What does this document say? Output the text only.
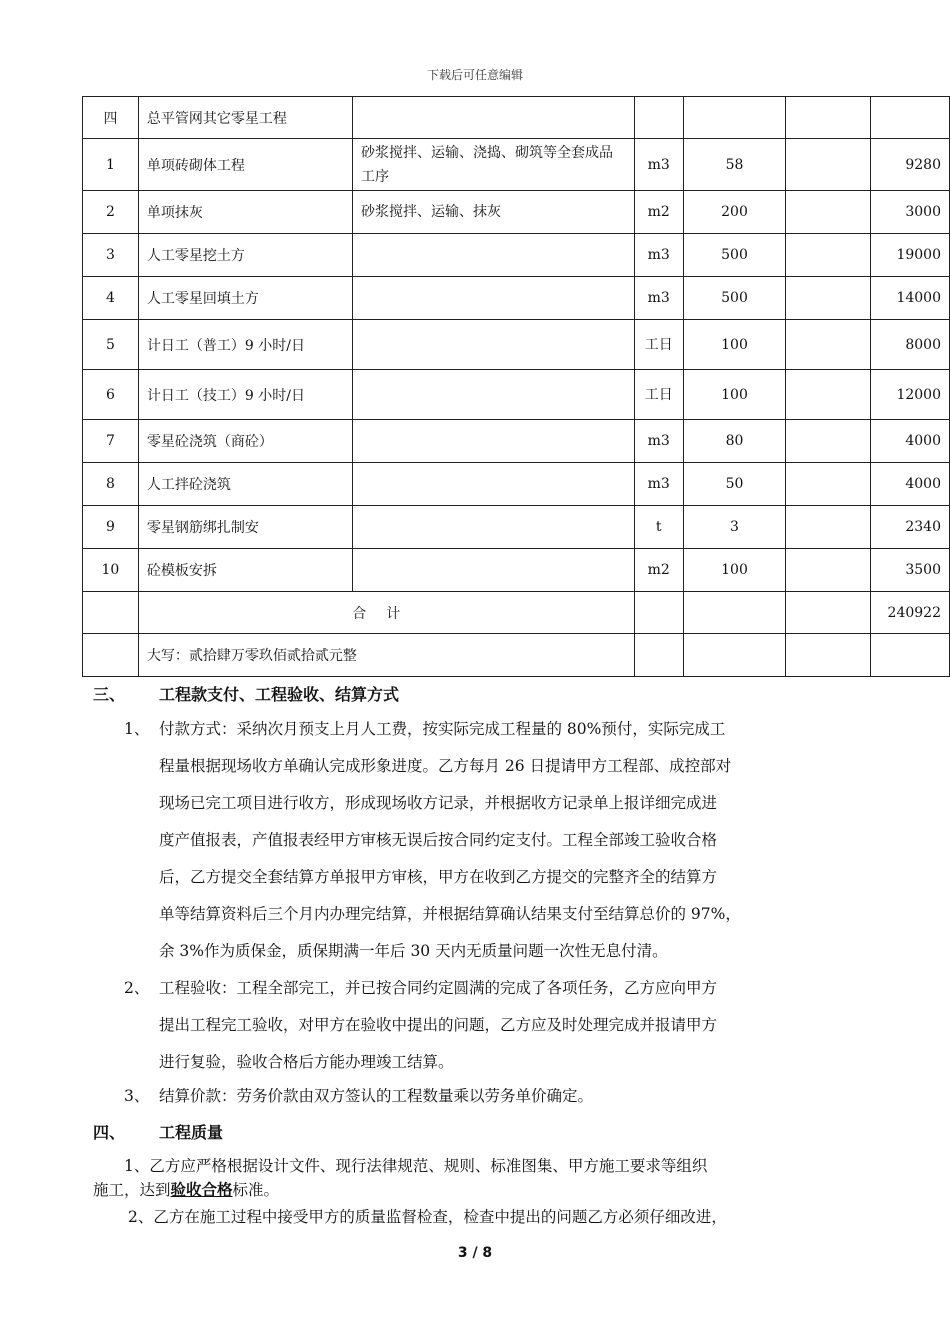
下载后可任意编辑
四	总平管网其它零星工程					
1	单项砖砌体工程	砂浆搅拌、运输、浇捣、砌筑等全套成品工序	m3	58		9280
2	单项抹灰	砂浆搅拌、运输、抹灰	m2	200		3000
3	人工零星挖土方		m3	500		19000
4	人工零星回填土方		m3	500		14000
5	计日工（普工）9 小时/日		工日	100		8000
6	计日工（技工）9 小时/日		工日	100		12000
7	零星砼浇筑（商砼）		m3	80		4000
8	人工拌砼浇筑		m3	50		4000
9	零星钢筋绑扎制安		t	3		2340
10	砼模板安拆		m2	100		3500
	合计					240922
	大写：贰拾肆万零玖佰贰拾贰元整					
三、 工程款支付、工程验收、结算方式
1、 付款方式：采纳次月预支上月人工费，按实际完成工程量的 80%预付，实际完成工
程量根据现场收方单确认完成形象进度。乙方每月 26 日提请甲方工程部、成控部对
现场已完工项目进行收方，形成现场收方记录，并根据收方记录单上报详细完成进
度产值报表，产值报表经甲方审核无误后按合同约定支付。工程全部竣工验收合格
后，乙方提交全套结算方单报甲方审核，甲方在收到乙方提交的完整齐全的结算方
单等结算资料后三个月内办理完结算，并根据结算确认结果支付至结算总价的 97%，
余 3%作为质保金，质保期满一年后 30 天内无质量问题一次性无息付清。
2、 工程验收：工程全部完工，并已按合同约定圆满的完成了各项任务，乙方应向甲方
提出工程完工验收，对甲方在验收中提出的问题，乙方应及时处理完成并报请甲方
进行复验，验收合格后方能办理竣工结算。
3、 结算价款：劳务价款由双方签认的工程数量乘以劳务单价确定。
四、 工程质量
1、乙方应严格根据设计文件、现行法律规范、规则、标准图集、甲方施工要求等组织
施工，达到验收合格标准。
2、乙方在施工过程中接受甲方的质量监督检查，检查中提出的问题乙方必须仔细改进，
3 / 8
